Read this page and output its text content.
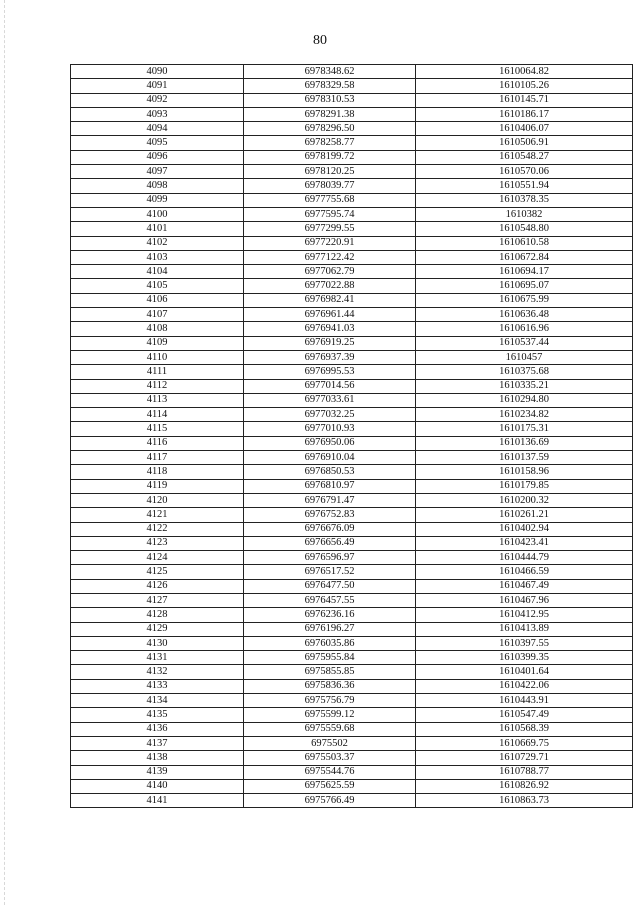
80
4090	6978348.62	1610064.82
4091	6978329.58	1610105.26
4092	6978310.53	1610145.71
4093	6978291.38	1610186.17
4094	6978296.50	1610406.07
4095	6978258.77	1610506.91
4096	6978199.72	1610548.27
4097	6978120.25	1610570.06
4098	6978039.77	1610551.94
4099	6977755.68	1610378.35
4100	6977595.74	1610382
4101	6977299.55	1610548.80
4102	6977220.91	1610610.58
4103	6977122.42	1610672.84
4104	6977062.79	1610694.17
4105	6977022.88	1610695.07
4106	6976982.41	1610675.99
4107	6976961.44	1610636.48
4108	6976941.03	1610616.96
4109	6976919.25	1610537.44
4110	6976937.39	1610457
4111	6976995.53	1610375.68
4112	6977014.56	1610335.21
4113	6977033.61	1610294.80
4114	6977032.25	1610234.82
4115	6977010.93	1610175.31
4116	6976950.06	1610136.69
4117	6976910.04	1610137.59
4118	6976850.53	1610158.96
4119	6976810.97	1610179.85
4120	6976791.47	1610200.32
4121	6976752.83	1610261.21
4122	6976676.09	1610402.94
4123	6976656.49	1610423.41
4124	6976596.97	1610444.79
4125	6976517.52	1610466.59
4126	6976477.50	1610467.49
4127	6976457.55	1610467.96
4128	6976236.16	1610412.95
4129	6976196.27	1610413.89
4130	6976035.86	1610397.55
4131	6975955.84	1610399.35
4132	6975855.85	1610401.64
4133	6975836.36	1610422.06
4134	6975756.79	1610443.91
4135	6975599.12	1610547.49
4136	6975559.68	1610568.39
4137	6975502	1610669.75
4138	6975503.37	1610729.71
4139	6975544.76	1610788.77
4140	6975625.59	1610826.92
4141	6975766.49	1610863.73
